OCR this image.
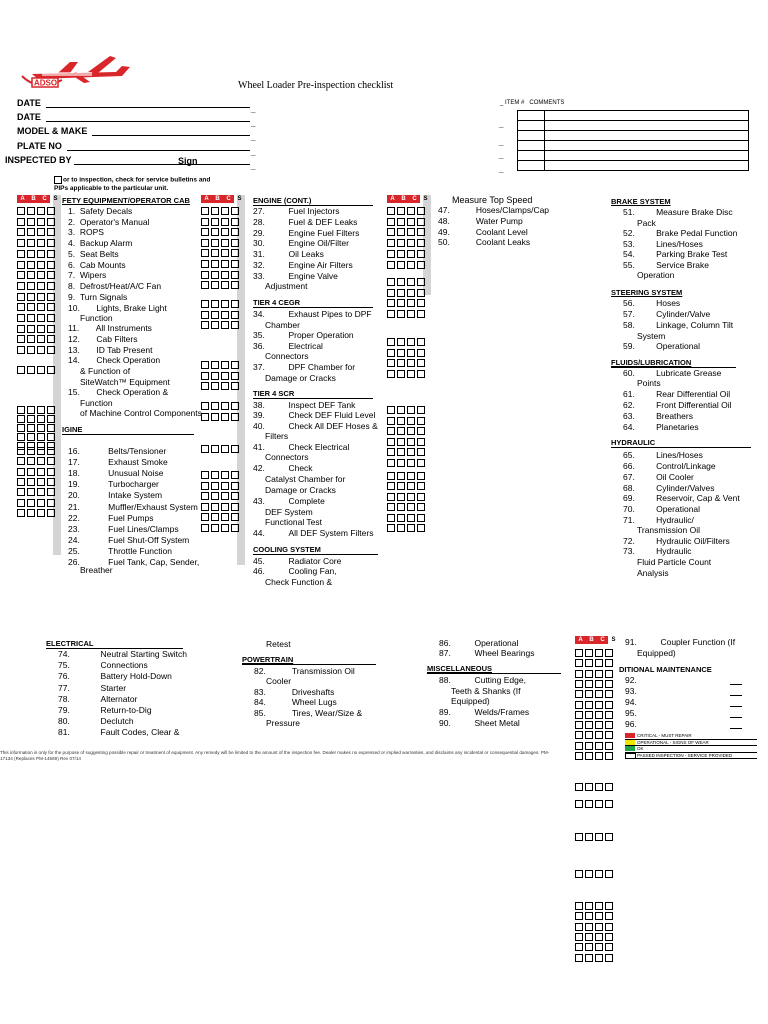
ADSO	Wheel Loader Pre-inspection checklist
DATE
DATE
MODEL & MAKE
PLATE NO
INSPECTED BY	Sign
_
_
_
_
_
_ ITEM # COMMENTS
_
_
_
_

or to inspection, check for service bulletins and PIPs applicable to the particular unit.
A B C S	A B C S	A B C S
A B C S
FETY EQUIPMENT/OPERATOR CAB
1. Safety Decals
2. Operator's Manual
3. ROPS
4. Backup Alarm
5. Seat Belts
6. Cab Mounts
7. Wipers
8. Defrost/Heat/A/C Fan
9. Turn Signals
10. Lights, Brake Light
Function
11. All Instruments
12. Cab Filters
13. ID Tab Present
14. Check Operation
& Function of
SiteWatch™ Equipment
15. Check Operation &
Function
of Machine Control Components
IGINE
16.	Belts/Tensioner
17.	Exhaust Smoke
18.	Unusual Noise
19.	Turbocharger
20.	Intake System
21.	Muffler/Exhaust System
22.	Fuel Pumps
23.	Fuel Lines/Clamps
24.	Fuel Shut-Off System
25.	Throttle Function
26.	Fuel Tank, Cap, Sender,
Breather
ENGINE (CONT.)
27.	Fuel Injectors
28.	Fuel & DEF Leaks
29.	Engine Fuel Filters
30.	Engine Oil/Filter
31.	Oil Leaks
32.	Engine Air Filters
33.	Engine Valve
Adjustment
TIER 4 CEGR
34.	Exhaust Pipes to DPF
Chamber
35.	Proper Operation
36.	Electrical
Connectors
37.	DPF Chamber for
Damage or Cracks
TIER 4 SCR
38.	Inspect DEF Tank
39.	Check DEF Fluid Level
40.	Check All DEF Hoses &
Filters
41.	Check Electrical
Connectors
42.	Check
Catalyst Chamber for
Damage or Cracks
43.	Complete
DEF System
Functional Test
44.	All DEF System Filters
COOLING SYSTEM
45.	Radiator Core
46.	Cooling Fan,
Check Function &
Measure Top Speed
47.	Hoses/Clamps/Cap
48.	Water Pump
49.	Coolant Level
50.	Coolant Leaks
BRAKE SYSTEM
51.	Measure Brake Disc
Pack
52.	Brake Pedal Function
53.	Lines/Hoses
54.	Parking Brake Test
55.	Service Brake
Operation
STEERING SYSTEM
56.	Hoses
57.	Cylinder/Valve
58.	Linkage, Column Tilt
System
59.	Operational
FLUIDS/LUBRICATION
60.	Lubricate Grease
Points
61.	Rear Differential Oil
62.	Front Differential Oil
63.	Breathers
64.	Planetaries
HYDRAULIC
65.	Lines/Hoses
66.	Control/Linkage
67.	Oil Cooler
68.	Cylinder/Valves
69.	Reservoir, Cap & Vent
70.	Operational
71.	Hydraulic/
Transmission Oil
72.	Hydraulic Oil/Filters
73.	Hydraulic
Fluid Particle Count
Analysis
ELECTRICAL
74.	Neutral Starting Switch
75.	Connections
76.	Battery Hold-Down
77.	Starter
78.	Alternator
79.	Return-to-Dig
80.	Declutch
81.	Fault Codes, Clear &
Retest
POWERTRAIN
82.	Transmission Oil
Cooler
83.	Driveshafts
84.	Wheel Lugs
85.	Tires, Wear/Size &
Pressure
86.	Operational
87.	Wheel Bearings
MISCELLANEOUS
88.	Cutting Edge,
Teeth & Shanks (If
Equipped)
89.	Welds/Frames
90.	Sheet Metal
91.	Coupler Function (If
Equipped)
DITIONAL MAINTENANCE
92.
93.
94.
95.
96.
This information is only for the purpose of suggesting possible repair or treatment of equipment. Any remedy will be limited to the amount of the inspection fee. Dealer makes no expressed or implied warranties, and disclaims any incidental or consequential damages. PM-17134 (Replaces PM-14569) Rev 07/14
CRITICAL - MUST REPAIR
OPERATIONAL - SIGNS OF WEAR
OK
PASSED INSPECTION - SERVICE PROVIDED
